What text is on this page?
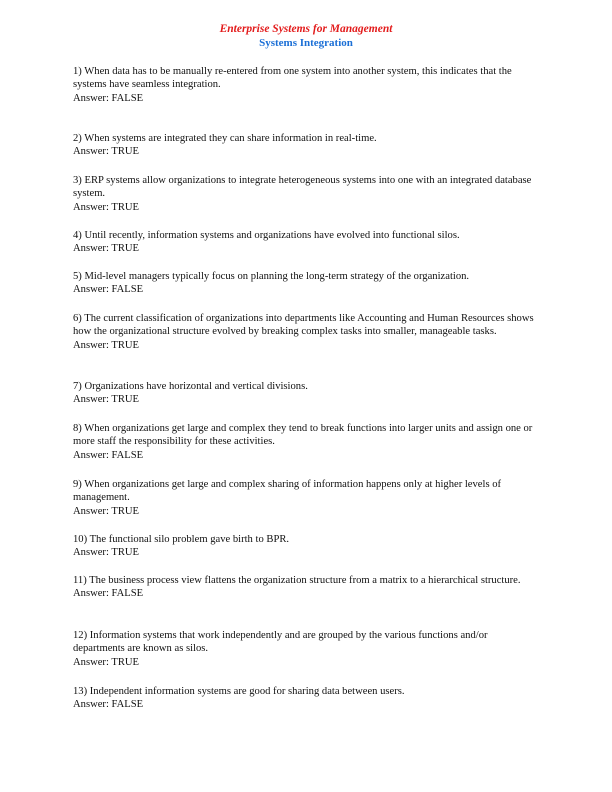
Enterprise Systems for Management
Systems Integration
1) When data has to be manually re-entered from one system into another system, this indicates that the systems have seamless integration.
Answer: FALSE
2) When systems are integrated they can share information in real-time.
Answer: TRUE
3) ERP systems allow organizations to integrate heterogeneous systems into one with an integrated database system.
Answer: TRUE
4) Until recently, information systems and organizations have evolved into functional silos.
Answer: TRUE
5) Mid-level managers typically focus on planning the long-term strategy of the organization.
Answer: FALSE
6) The current classification of organizations into departments like Accounting and Human Resources shows how the organizational structure evolved by breaking complex tasks into smaller, manageable tasks.
Answer: TRUE
7) Organizations have horizontal and vertical divisions.
Answer: TRUE
8) When organizations get large and complex they tend to break functions into larger units and assign one or more staff the responsibility for these activities.
Answer: FALSE
9) When organizations get large and complex sharing of information happens only at higher levels of management.
Answer: TRUE
10) The functional silo problem gave birth to BPR.
Answer: TRUE
11) The business process view flattens the organization structure from a matrix to a hierarchical structure.
Answer: FALSE
12) Information systems that work independently and are grouped by the various functions and/or departments are known as silos.
Answer: TRUE
13) Independent information systems are good for sharing data between users.
Answer: FALSE
